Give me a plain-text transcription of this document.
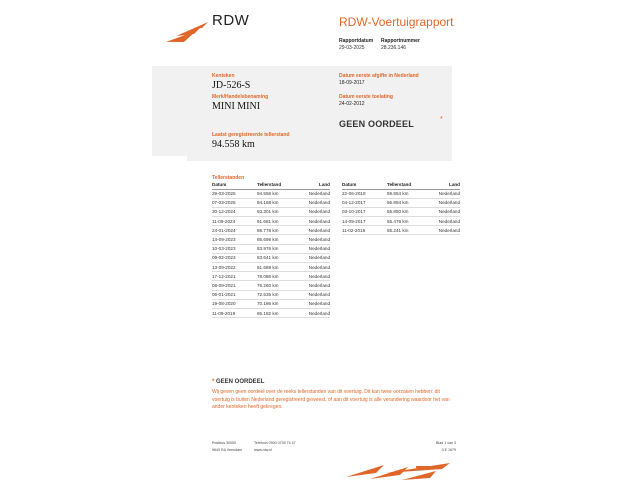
RDW	RDW-Voertuigrapport
Rapportdatum
29-03-2025
Rapportnummer
28.236.146
Kenteken
JD-526-S
Merk/Handelsbenaming
MINI MINI
Laatst geregistreerde tellerstand
94.558 km
Datum eerste afgifte in Nederland
18-09-2017
Datum eerste toelating
24-02-2012
GEEN OORDEEL	*
Tellerstanden
Datum	Tellerstand	Land
29-03-2025	94.558 km	Nederland
07-03-2025	94.168 km	Nederland
30-12-2024	93.301 km	Nederland
11-09-2024	91.681 km	Nederland
24-01-2024	88.778 km	Nederland
14-09-2023	86.698 km	Nederland
10-03-2023	83.976 km	Nederland
09-02-2023	83.641 km	Nederland
13-09-2022	81.689 km	Nederland
17-12-2021	78.086 km	Nederland
08-09-2021	76.260 km	Nederland
05-01-2021	72.535 km	Nederland
19-08-2020	70.186 km	Nederland
11-09-2019	65.182 km	Nederland
Datum	Tellerstand	Land
22-06-2018	59.654 km	Nederland
04-12-2017	56.894 km	Nederland
03-10-2017	55.850 km	Nederland
14-09-2017	55.476 km	Nederland
11-02-2016	55.241 km	Nederland
* GEEN OORDEEL
Wij geven geen oordeel over de reeks tellerstanden van dit voertuig. Dit kan twee oorzaken hebben: dit voertuig is buiten Nederland geregistreerd geweest, of aan dit voertuig is alle verandering waardoor het van ander kenteken heeft gekregen.
Postbus 30000
9640 RA Veendam
Telefoon 0900 0739 74 47
www.rdw.nl
Blad 1 van 3
3 E 1679
